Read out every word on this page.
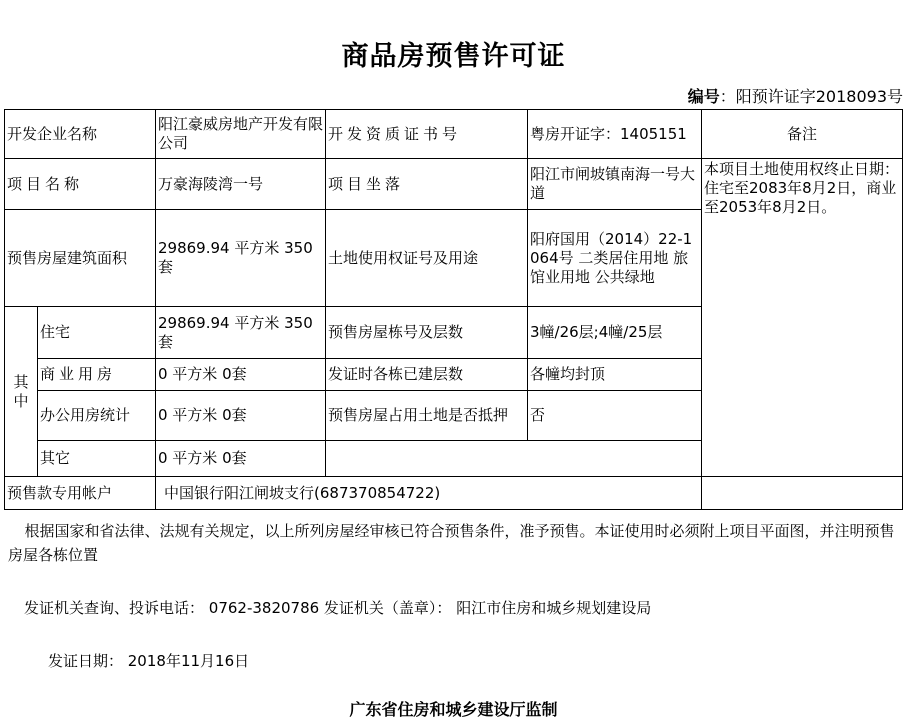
商品房预售许可证
编号：阳预许证字2018093号
开发企业名称		阳江豪威房地产开发有限公司	开发资质证书号	粤房开证字：1405151	备注
项目名称		万豪海陵湾一号	项目坐落	阳江市闸坡镇南海一号大道	本项目土地使用权终止日期：住宅至2083年8月2日，商业至2053年8月2日。
预售房屋建筑面积		29869.94 平方米 350套	土地使用权证号及用途	阳府国用（2014）22-1064号 二类居住用地 旅馆业用地 公共绿地	
其中	住宅	29869.94 平方米 350套	预售房屋栋号及层数	3幢/26层;4幢/25层	
	商业用房	0 平方米 0套	发证时各栋已建层数	各幢均封顶	
	办公用房统计	0 平方米 0套	预售房屋占用土地是否抵押	否	
	其它	0 平方米 0套			
预售款专用帐户		中国银行阳江闸坡支行(687370854722)			
根据国家和省法律、法规有关规定，以上所列房屋经审核已符合预售条件，准予预售。本证使用时必须附上项目平面图，并注明预售房屋各栋位置
发证机关查询、投诉电话： 0762-3820786 发证机关（盖章）： 阳江市住房和城乡规划建设局
发证日期： 2018年11月16日
广东省住房和城乡建设厅监制
